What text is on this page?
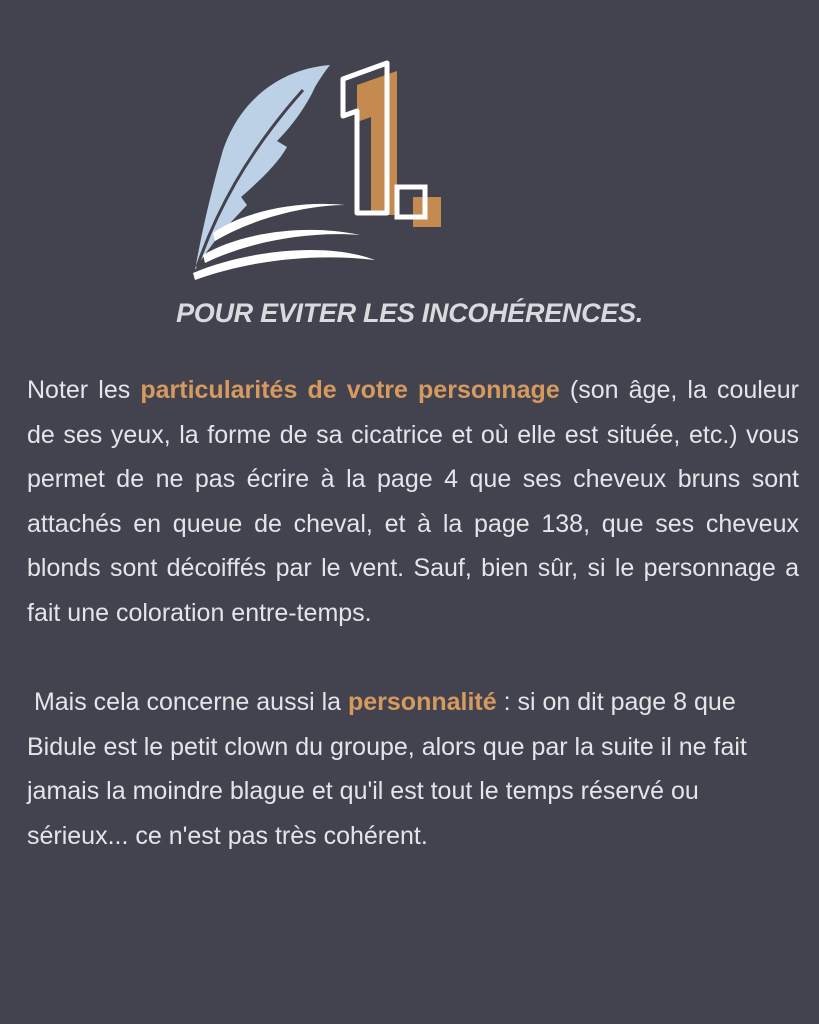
POUR EVITER LES INCOHÉRENCES.

Noter les particularités de votre personnage (son âge, la couleur de ses yeux, la forme de sa cicatrice et où elle est située, etc.) vous permet de ne pas écrire à la page 4 que ses cheveux bruns sont attachés en queue de cheval, et à la page 138, que ses cheveux blonds sont décoiffés par le vent. Sauf, bien sûr, si le personnage a fait une coloration entre-temps.

Mais cela concerne aussi la personnalité : si on dit page 8 que Bidule est le petit clown du groupe, alors que par la suite il ne fait jamais la moindre blague et qu'il est tout le temps réservé ou sérieux... ce n'est pas très cohérent.
